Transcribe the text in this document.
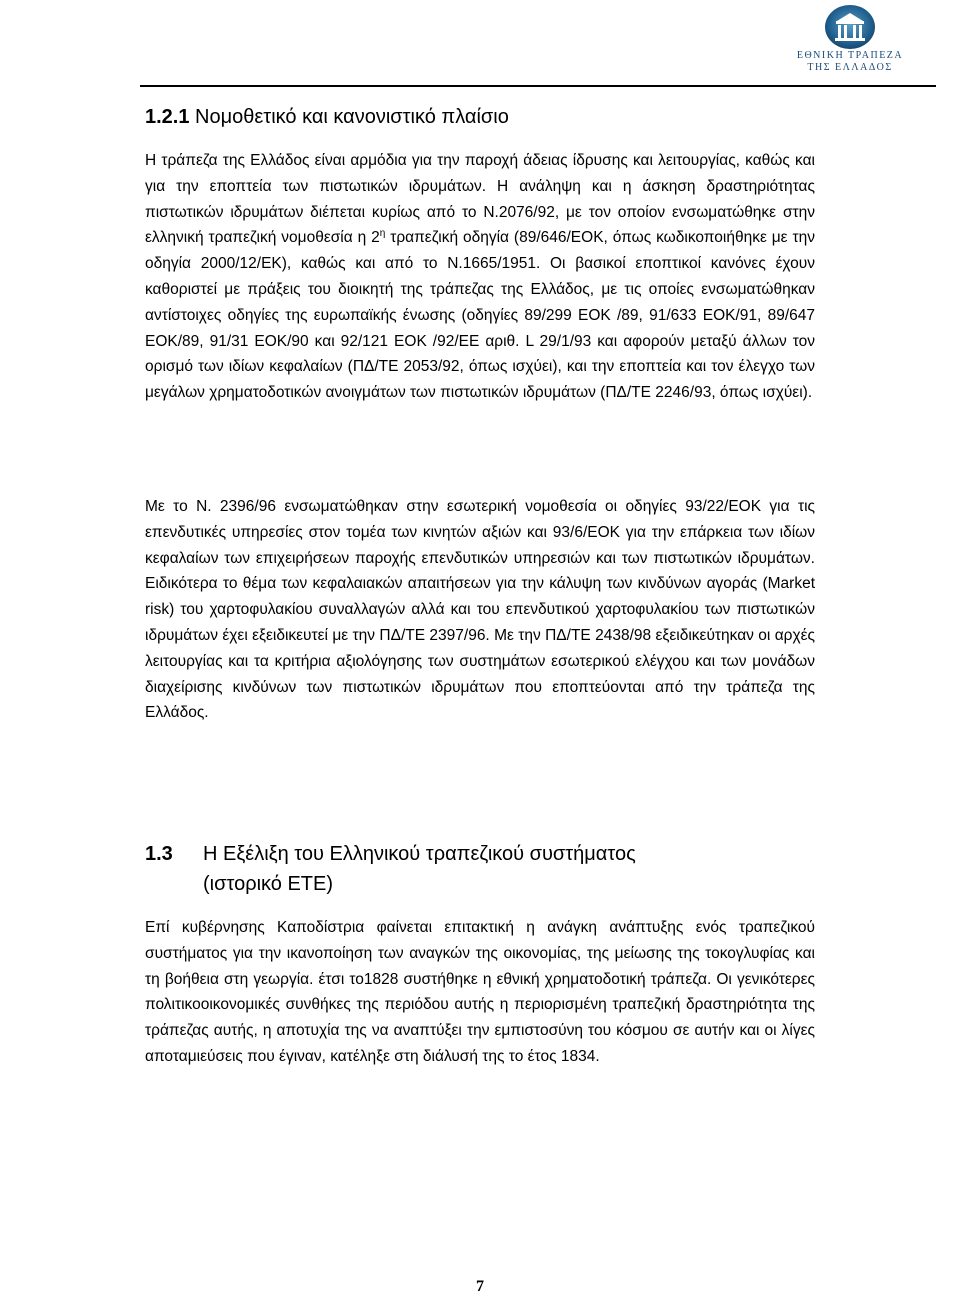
ΕΘΝΙΚΗ ΤΡΑΠΕΖΑ
ΤΗΣ ΕΛΛΑΔΟΣ
1.2.1 Νομοθετικό και κανονιστικό πλαίσιο

Η τράπεζα της Ελλάδος είναι αρμόδια για την παροχή άδειας ίδρυσης και λειτουργίας, καθώς και για την εποπτεία των πιστωτικών ιδρυμάτων. Η ανάληψη και η άσκηση δραστηριότητας πιστωτικών ιδρυμάτων διέπεται κυρίως από το Ν.2076/92, με τον οποίον ενσωματώθηκε στην ελληνική τραπεζική νομοθεσία η $2^\eta$ τραπεζική οδηγία (89/646/ΕΟΚ, όπως κωδικοποιήθηκε με την οδηγία 2000/12/ΕΚ), καθώς και από το Ν.1665/1951. Οι βασικοί εποπτικοί κανόνες έχουν καθοριστεί με πράξεις του διοικητή της τράπεζας της Ελλάδος, με τις οποίες ενσωματώθηκαν αντίστοιχες οδηγίες της ευρωπαϊκής ένωσης (οδηγίες 89/299 ΕΟΚ /89, 91/633 ΕΟΚ/91, 89/647 ΕΟΚ/89, 91/31 ΕΟΚ/90 και 92/121 ΕΟΚ /92/ΕΕ αριθ. L 29/1/93 και αφορούν μεταξύ άλλων τον ορισμό των ιδίων κεφαλαίων (ΠΔ/ΤΕ 2053/92, όπως ισχύει), και την εποπτεία και τον έλεγχο των μεγάλων χρηματοδοτικών ανοιγμάτων των πιστωτικών ιδρυμάτων (ΠΔ/ΤΕ 2246/93, όπως ισχύει).

Με το Ν. 2396/96 ενσωματώθηκαν στην εσωτερική νομοθεσία οι οδηγίες 93/22/ΕΟΚ για τις επενδυτικές υπηρεσίες στον τομέα των κινητών αξιών και 93/6/ΕΟΚ για την επάρκεια των ιδίων κεφαλαίων των επιχειρήσεων παροχής επενδυτικών υπηρεσιών και των πιστωτικών ιδρυμάτων. Ειδικότερα το θέμα των κεφαλαιακών απαιτήσεων για την κάλυψη των κινδύνων αγοράς (Market risk) του χαρτοφυλακίου συναλλαγών αλλά και του επενδυτικού χαρτοφυλακίου των πιστωτικών ιδρυμάτων έχει εξειδικευτεί με την ΠΔ/ΤΕ 2397/96. Με την ΠΔ/ΤΕ 2438/98 εξειδικεύτηκαν οι αρχές λειτουργίας και τα κριτήρια αξιολόγησης των συστημάτων εσωτερικού ελέγχου και των μονάδων διαχείρισης κινδύνων των πιστωτικών ιδρυμάτων που εποπτεύονται από την τράπεζα της Ελλάδος.

1.3 Η Εξέλιξη του Ελληνικού τραπεζικού συστήματος
(ιστορικό ΕΤΕ)

Επί κυβέρνησης Καποδίστρια φαίνεται επιτακτική η ανάγκη ανάπτυξης ενός τραπεζικού συστήματος για την ικανοποίηση των αναγκών της οικονομίας, της μείωσης της τοκογλυφίας και τη βοήθεια στη γεωργία. έτσι το1828 συστήθηκε η εθνική χρηματοδοτική τράπεζα. Οι γενικότερες πολιτικοοικονομικές συνθήκες της περιόδου αυτής η περιορισμένη τραπεζική δραστηριότητα της τράπεζας αυτής, η αποτυχία της να αναπτύξει την εμπιστοσύνη του κόσμου σε αυτήν και οι λίγες αποταμιεύσεις που έγιναν, κατέληξε στη διάλυσή της το έτος 1834.

7
